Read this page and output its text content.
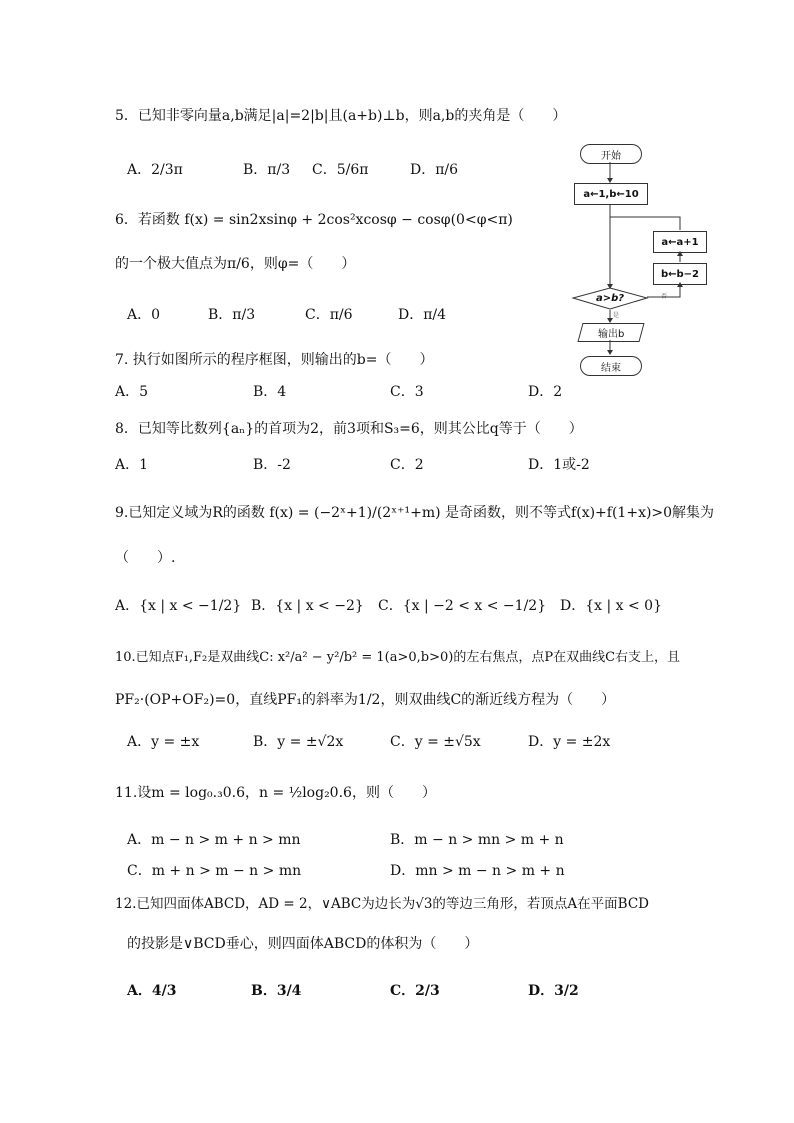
5．已知非零向量a,b满足|a|=2|b|且(a+b)⊥b，则a,b的夹角是（　　）
A．2/3π	B．π/3 C．5/6π	D．π/6
6．若函数 f(x) = sin2xsinφ + 2cos²xcosφ − cosφ(0<φ<π)
的一个极大值点为π/6，则φ=（　　）
A．0	B．π/3	C．π/6	D．π/4
7. 执行如图所示的程序框图，则输出的b=（　　）
A．5	B．4	C．3	D．2
开始
a←1,b←10
a←a+1
b←b−2
a>b?	否
是
输出b
结束
8．已知等比数列{aₙ}的首项为2，前3项和S₃=6，则其公比q等于（　　）
A．1	B．-2	C．2	D．1或-2
9.已知定义域为R的函数 f(x) = (−2ˣ+1)/(2ˣ⁺¹+m) 是奇函数，则不等式f(x)+f(1+x)>0解集为
（　　）.
A．{x | x < −1/2} B．{x | x < −2} C．{x | −2 < x < −1/2} D．{x | x < 0}
10.已知点F₁,F₂是双曲线C: x²/a² − y²/b² = 1(a>0,b>0)的左右焦点，点P在双曲线C右支上，且
PF₂·(OP+OF₂)=0，直线PF₁的斜率为1/2，则双曲线C的渐近线方程为（　　）
A．y = ±x	B．y = ±√2x	C．y = ±√5x	D．y = ±2x
11.设m = log₀.₃0.6，n = ½log₂0.6，则（　　）
A．m − n > m + n > mn	B．m − n > mn > m + n
C．m + n > m − n > mn	D．mn > m − n > m + n
12.已知四面体ABCD，AD = 2，∨ABC为边长为√3的等边三角形，若顶点A在平面BCD
的投影是∨BCD垂心，则四面体ABCD的体积为（　　）
A．4/3	B．3/4	C．2/3	D．3/2
